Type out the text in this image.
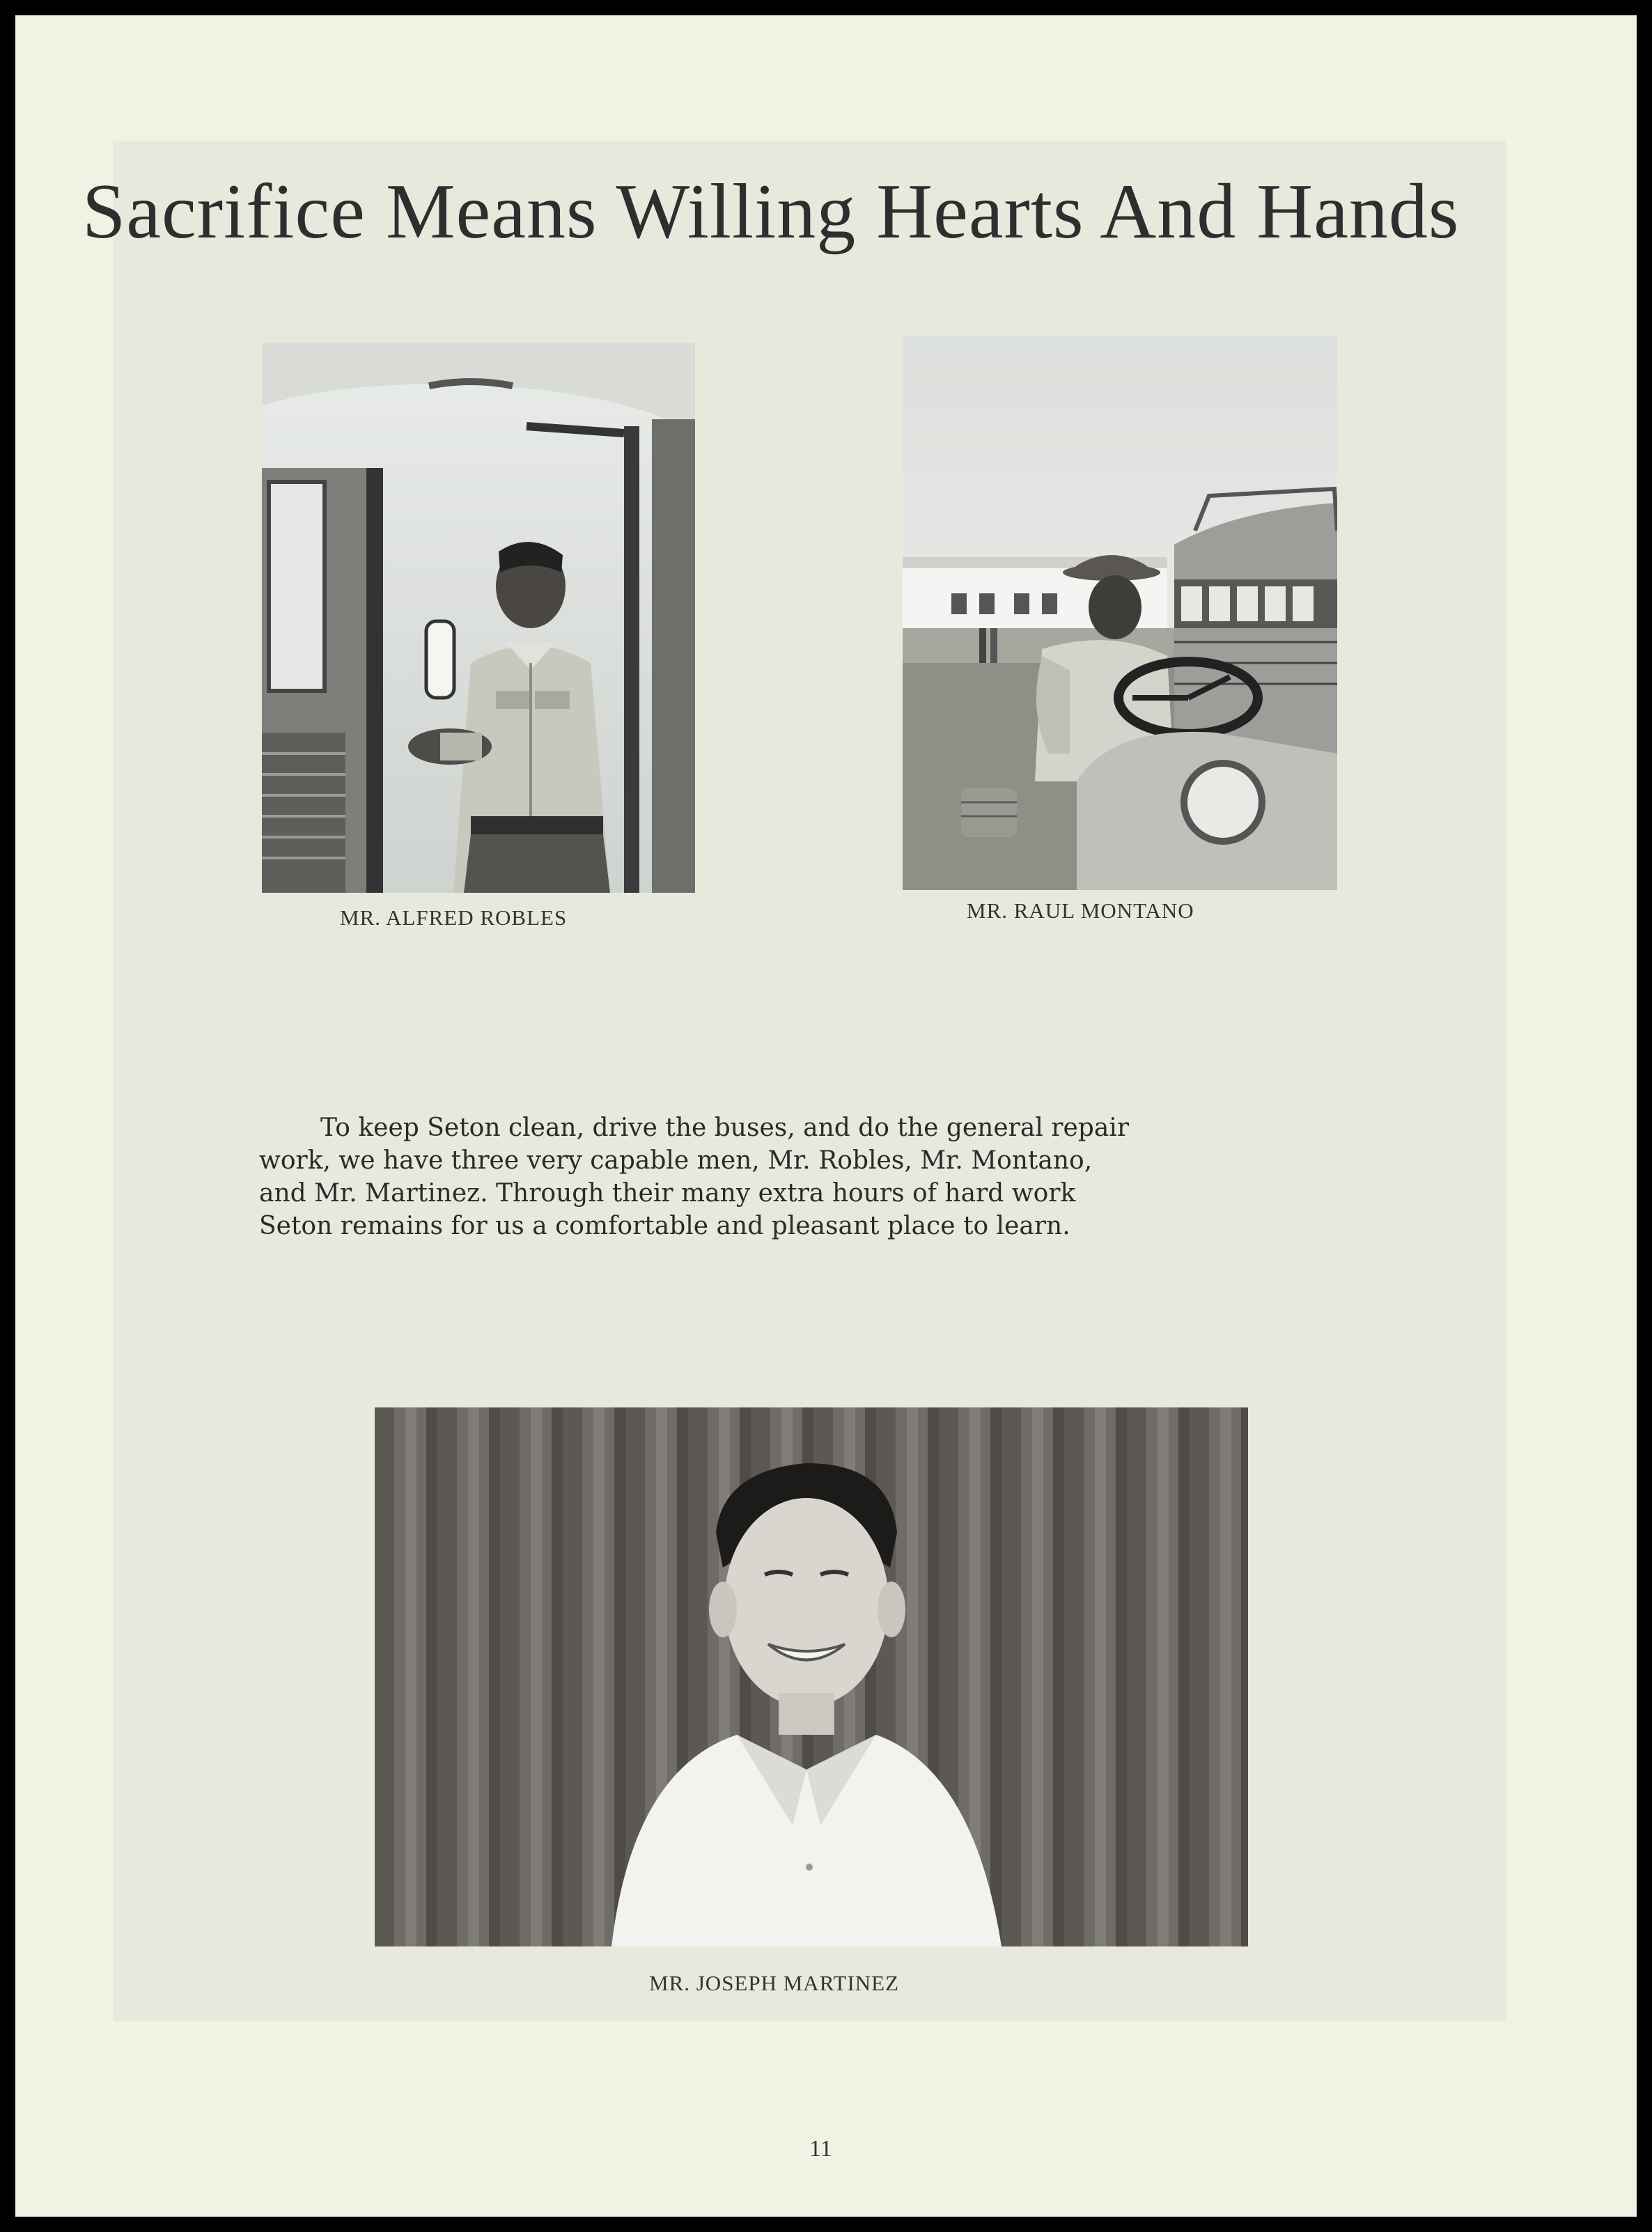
Sacrifice Means Willing Hearts And Hands

MR. ALFRED ROBLES	MR. RAUL MONTANO

To keep Seton clean, drive the buses, and do the general repair
work, we have three very capable men, Mr. Robles, Mr. Montano,
and Mr. Martinez. Through their many extra hours of hard work
Seton remains for us a comfortable and pleasant place to learn.

MR. JOSEPH MARTINEZ

11
